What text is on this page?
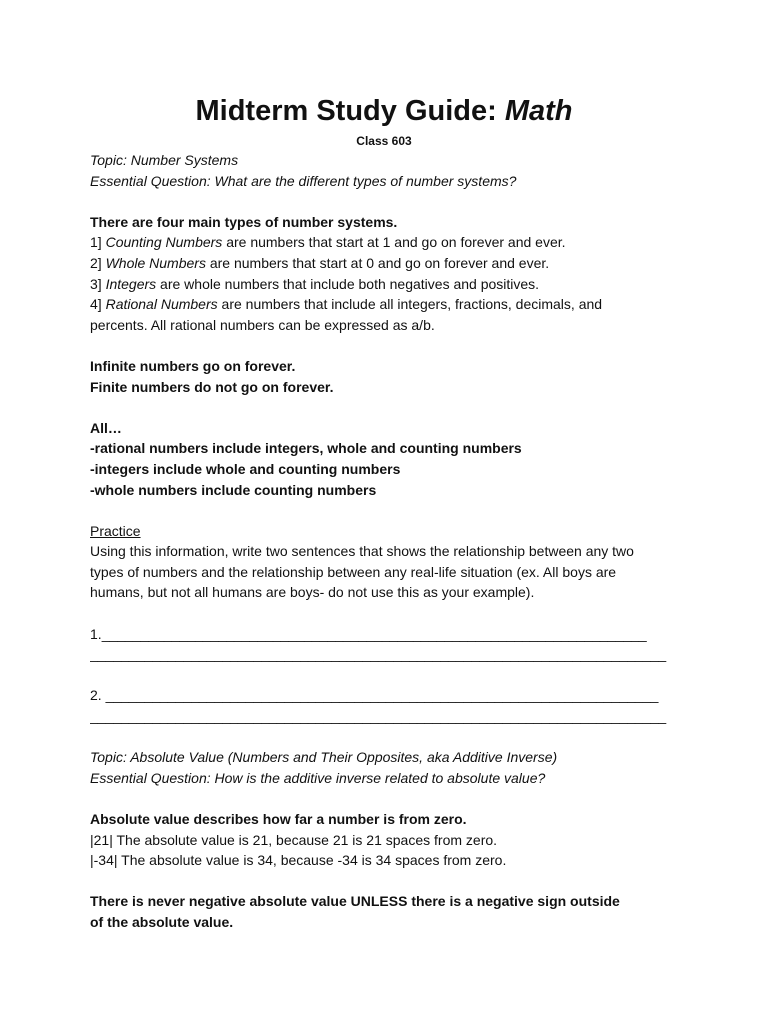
Midterm Study Guide: Math
Class 603

Topic: Number Systems

Essential Question: What are the different types of number systems?

There are four main types of number systems.

1] Counting Numbers are numbers that start at 1 and go on forever and ever.

2] Whole Numbers are numbers that start at 0 and go on forever and ever.

3] Integers are whole numbers that include both negatives and positives.

4] Rational Numbers are numbers that include all integers, fractions, decimals, and

percents. All rational numbers can be expressed as a/b.

Infinite numbers go on forever.

Finite numbers do not go on forever.

All…

-rational numbers include integers, whole and counting numbers

-integers include whole and counting numbers

-whole numbers include counting numbers

Practice

Using this information, write two sentences that shows the relationship between any two

types of numbers and the relationship between any real-life situation (ex. All boys are

humans, but not all humans are boys- do not use this as your example).

1.______________________________________________________________________

__________________________________________________________________________

2. _______________________________________________________________________

__________________________________________________________________________

Topic: Absolute Value (Numbers and Their Opposites, aka Additive Inverse)

Essential Question: How is the additive inverse related to absolute value?

Absolute value describes how far a number is from zero.

|21| The absolute value is 21, because 21 is 21 spaces from zero.

|-34| The absolute value is 34, because -34 is 34 spaces from zero.

There is never negative absolute value UNLESS there is a negative sign outside

of the absolute value.
